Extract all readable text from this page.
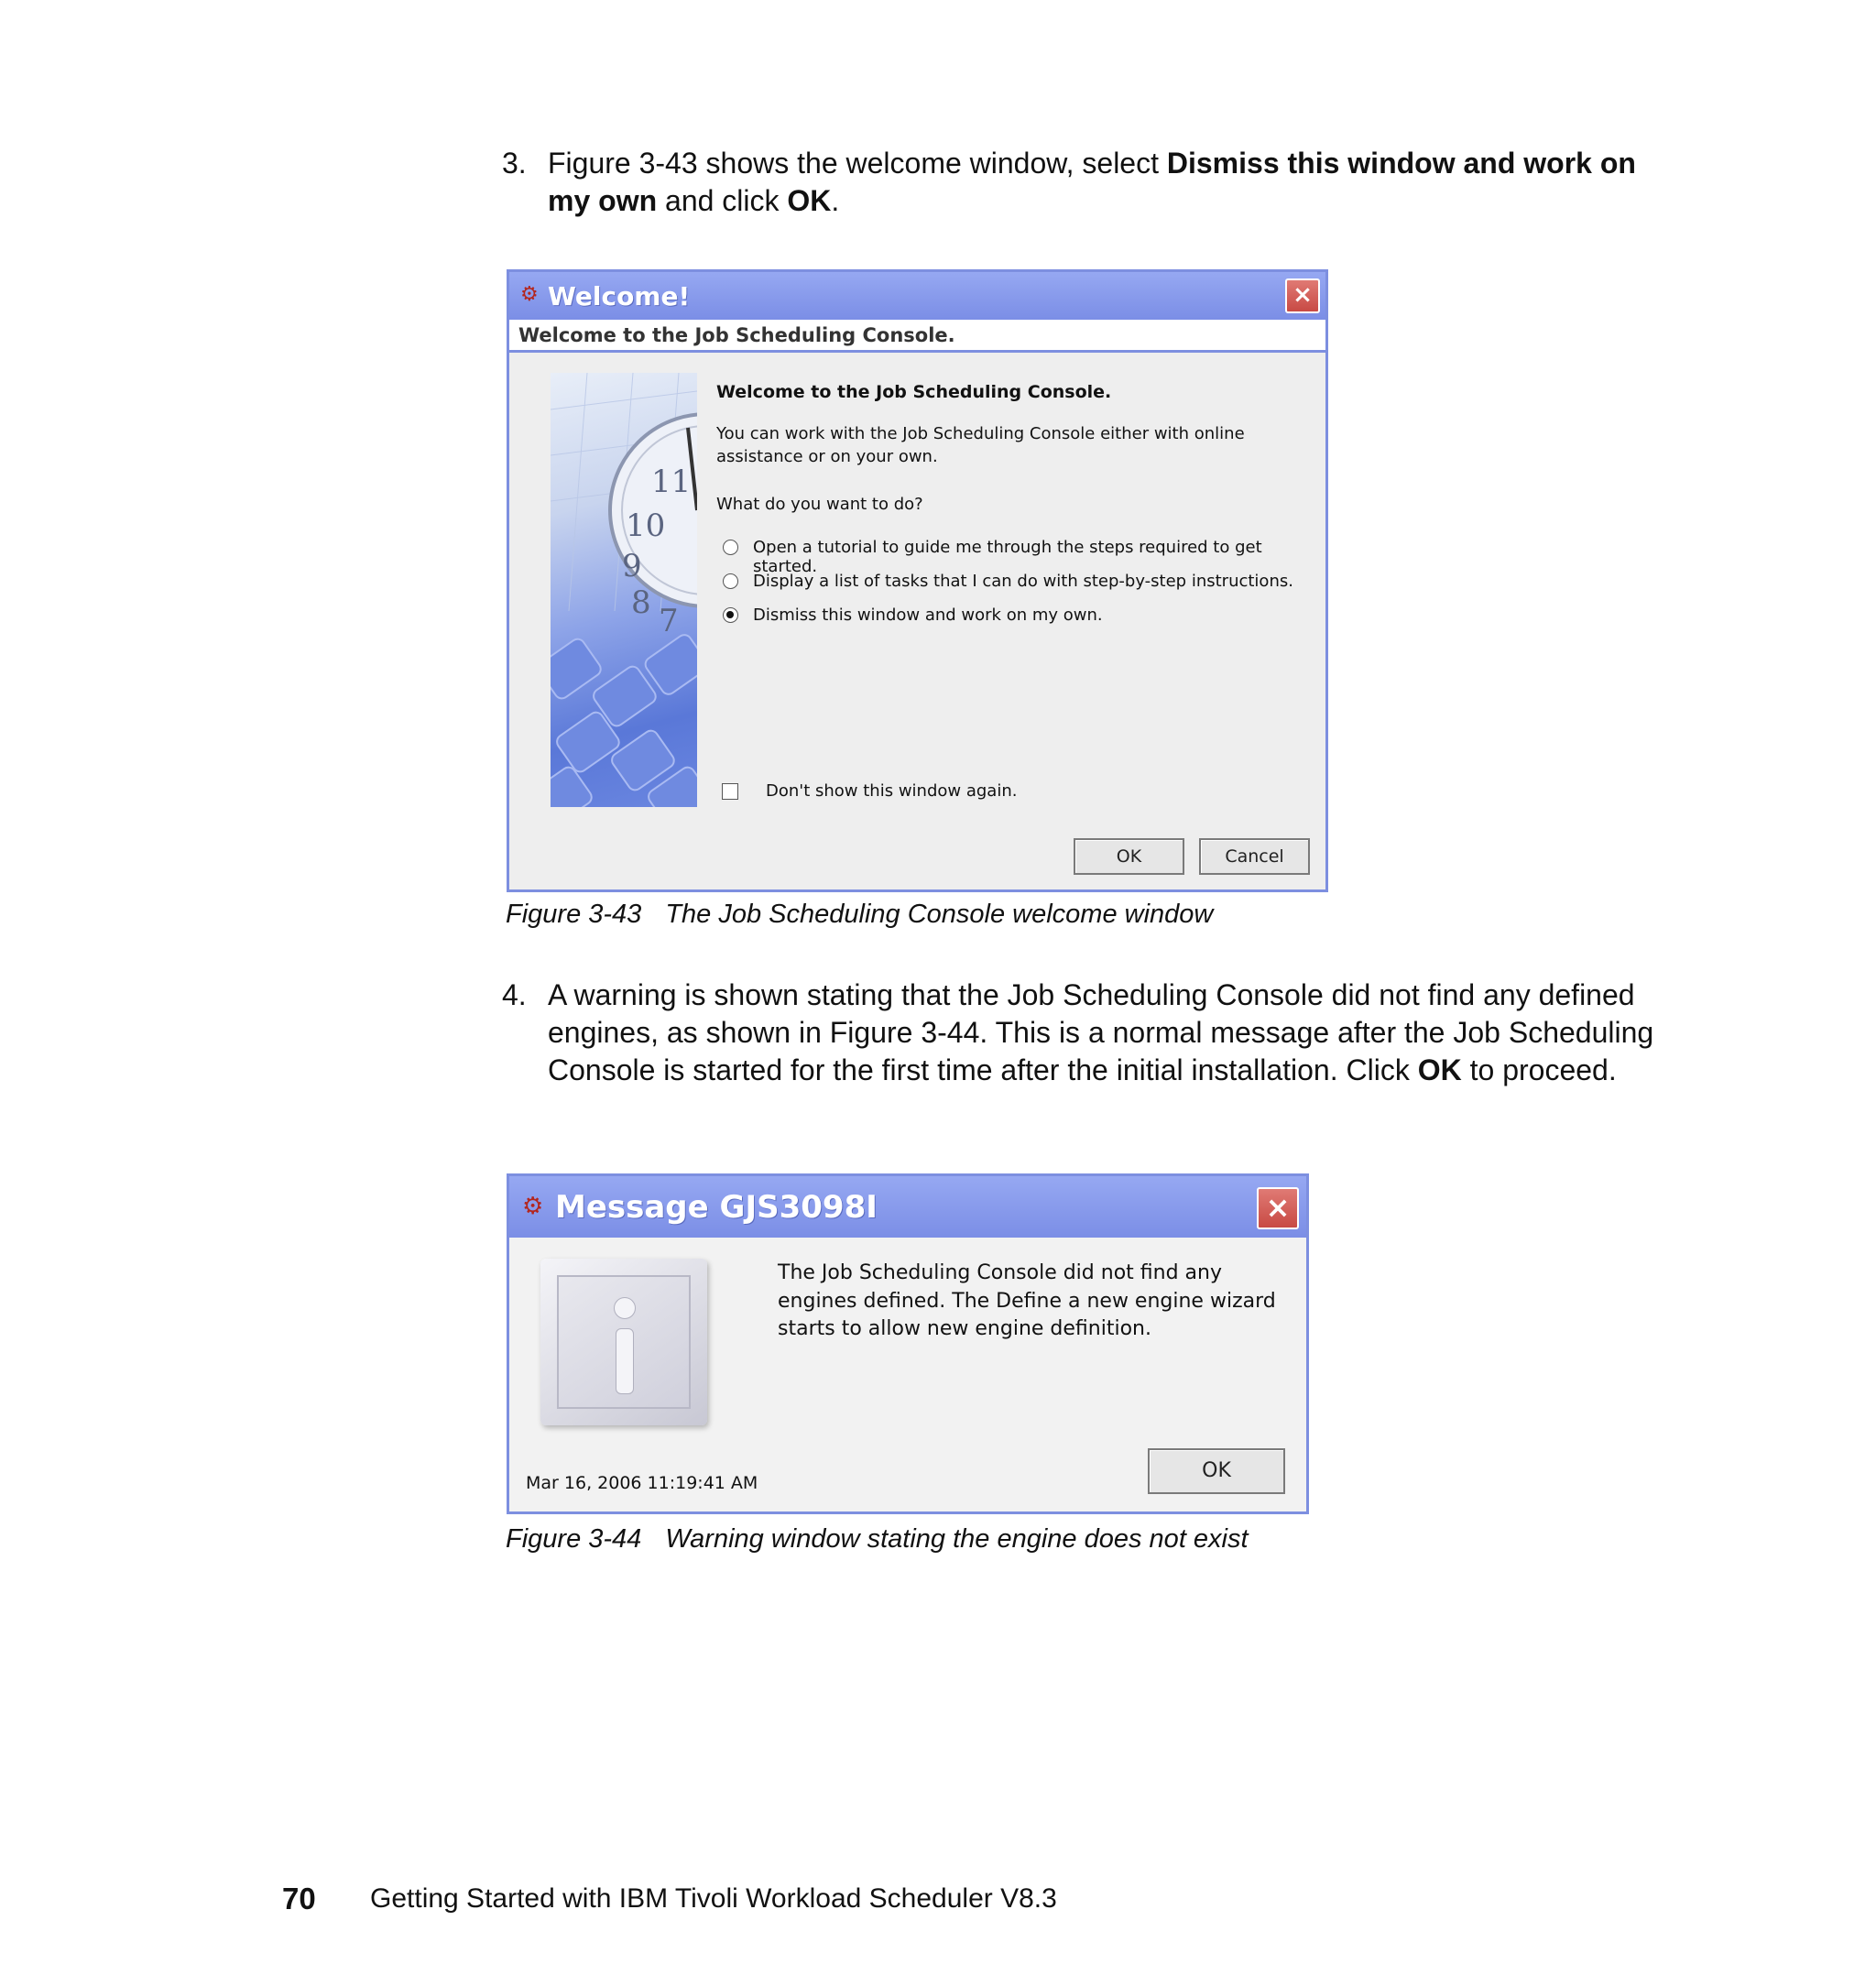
3. Figure 3-43 shows the welcome window, select Dismiss this window and work on my own and click OK.
⚙ Welcome!	×
Welcome to the Job Scheduling Console.
11
10
9
8 7
Welcome to the Job Scheduling Console.
You can work with the Job Scheduling Console either with online
assistance or on your own.
What do you want to do?
Open a tutorial to guide me through the steps required to get started.
Display a list of tasks that I can do with step-by-step instructions.
Dismiss this window and work on my own.
Don't show this window again.
OK	Cancel
Figure 3-43 The Job Scheduling Console welcome window
4. A warning is shown stating that the Job Scheduling Console did not find any defined engines, as shown in Figure 3-44. This is a normal message after the Job Scheduling Console is started for the first time after the initial installation. Click OK to proceed.
⚙ Message GJS3098I	×
The Job Scheduling Console did not find any
engines defined. The Define a new engine wizard
starts to allow new engine definition.
Mar 16, 2006 11:19:41 AM
OK
Figure 3-44 Warning window stating the engine does not exist
70 Getting Started with IBM Tivoli Workload Scheduler V8.3
